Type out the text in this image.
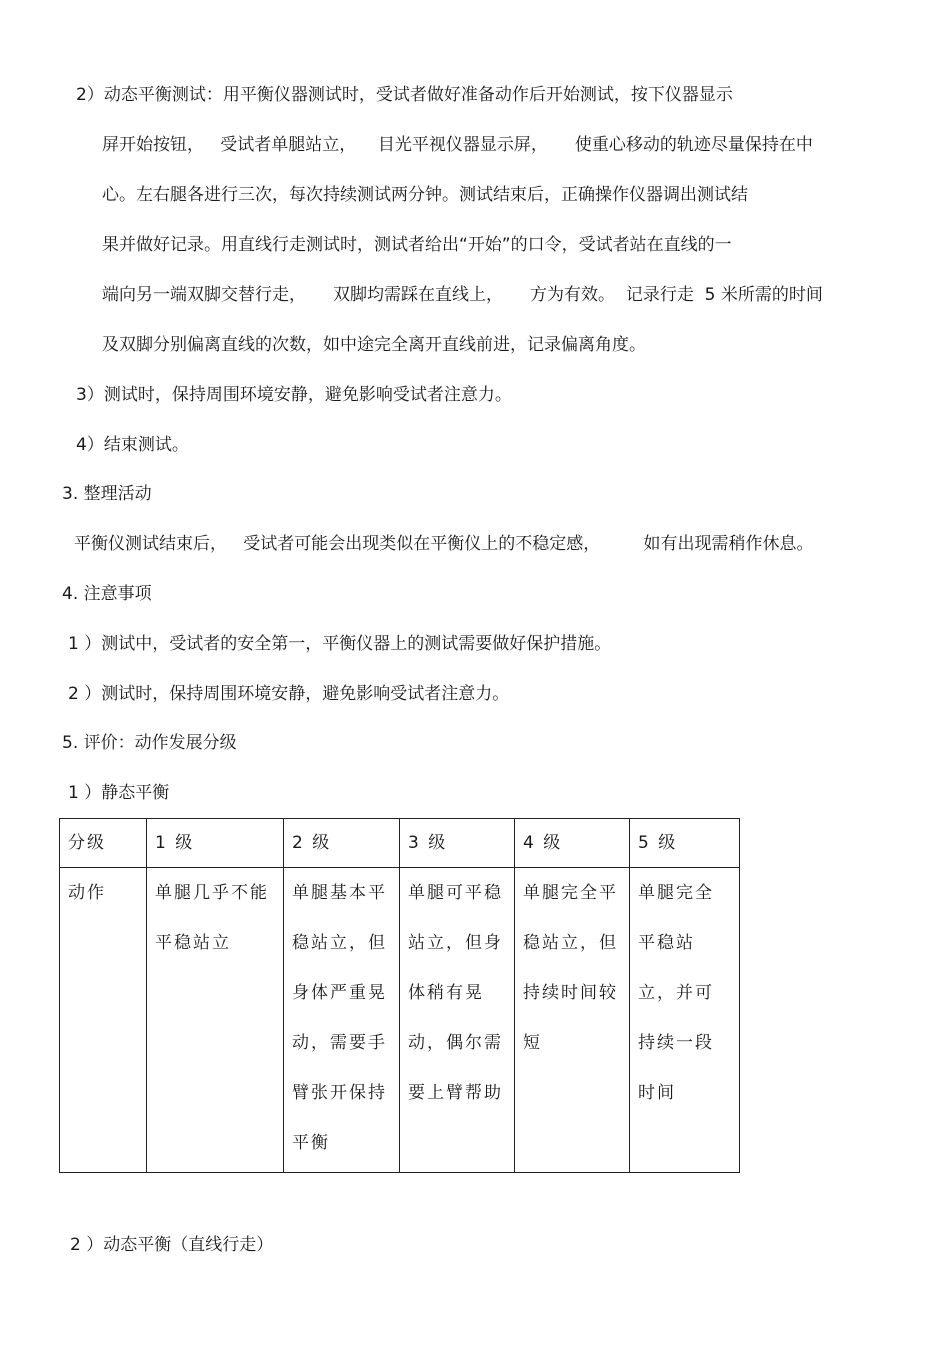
2）动态平衡测试：用平衡仪器测试时，受试者做好准备动作后开始测试，按下仪器显示
屏开始按钮，   受试者单腿站立，    目光平视仪器显示屏，     使重心移动的轨迹尽量保持在中
心。左右腿各进行三次，每次持续测试两分钟。测试结束后，正确操作仪器调出测试结
果并做好记录。用直线行走测试时，测试者给出“开始”的口令，受试者站在直线的一
端向另一端双脚交替行走，     双脚均需踩在直线上，     方为有效。  记录行走  5 米所需的时间
及双脚分别偏离直线的次数，如中途完全离开直线前进，记录偏离角度。
3）测试时，保持周围环境安静，避免影响受试者注意力。
4）结束测试。
3. 整理活动
平衡仪测试结束后，   受试者可能会出现类似在平衡仪上的不稳定感，        如有出现需稍作休息。
4. 注意事项
1 ）测试中，受试者的安全第一，平衡仪器上的测试需要做好保护措施。
2 ）测试时，保持周围环境安静，避免影响受试者注意力。
5. 评价：动作发展分级
1 ）静态平衡
分级	1 级	2 级	3 级	4 级	5 级
动作	单腿几乎不能平稳站立	单腿基本平稳站立，但身体严重晃动，需要手臂张开保持平衡	单腿可平稳站立，但身体稍有晃动，偶尔需要上臂帮助	单腿完全平稳站立，但持续时间较短	单腿完全平稳站立，并可持续一段时间
2 ）动态平衡（直线行走）
